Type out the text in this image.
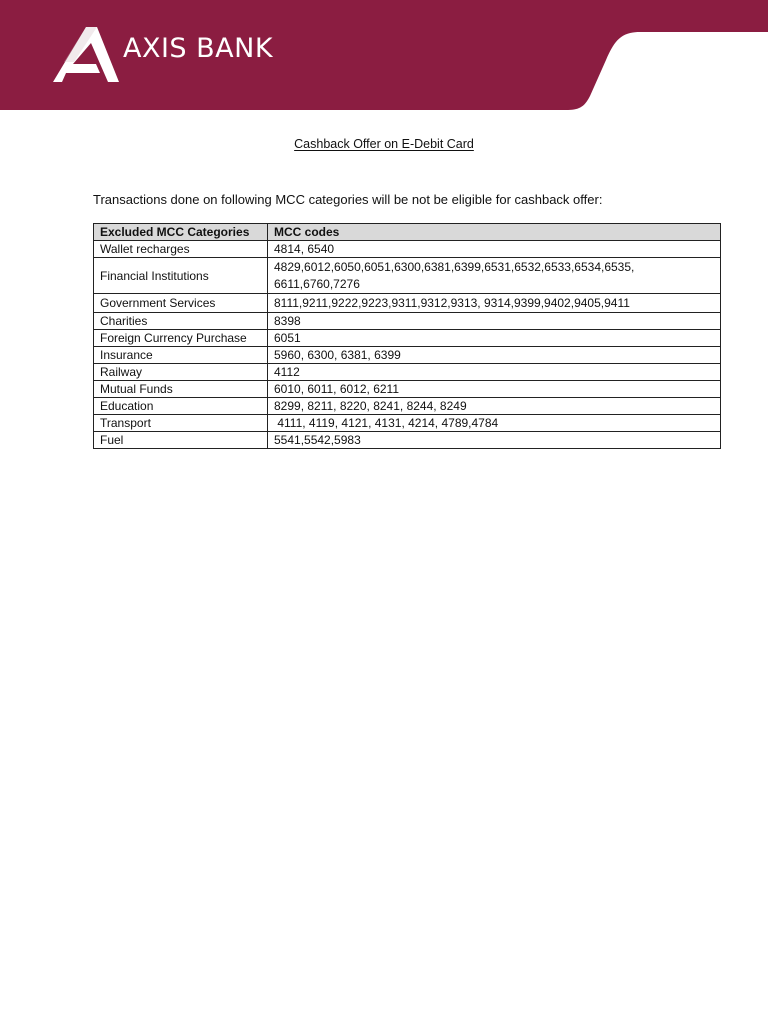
AXIS BANK
Cashback Offer on E-Debit Card
Transactions done on following MCC categories will be not be eligible for cashback offer:
Excluded MCC Categories	MCC codes
Wallet recharges	4814, 6540
Financial Institutions	4829,6012,6050,6051,6300,6381,6399,6531,6532,6533,6534,6535,
6611,6760,7276

Government Services	8111,9211,9222,9223,9311,9312,9313, 9314,9399,9402,9405,9411
Charities	8398
Foreign Currency Purchase	6051
Insurance	5960, 6300, 6381, 6399
Railway	4112
Mutual Funds	6010, 6011, 6012, 6211
Education	8299, 8211, 8220, 8241, 8244, 8249
Transport	4111, 4119, 4121, 4131, 4214, 4789,4784
Fuel	5541,5542,5983
